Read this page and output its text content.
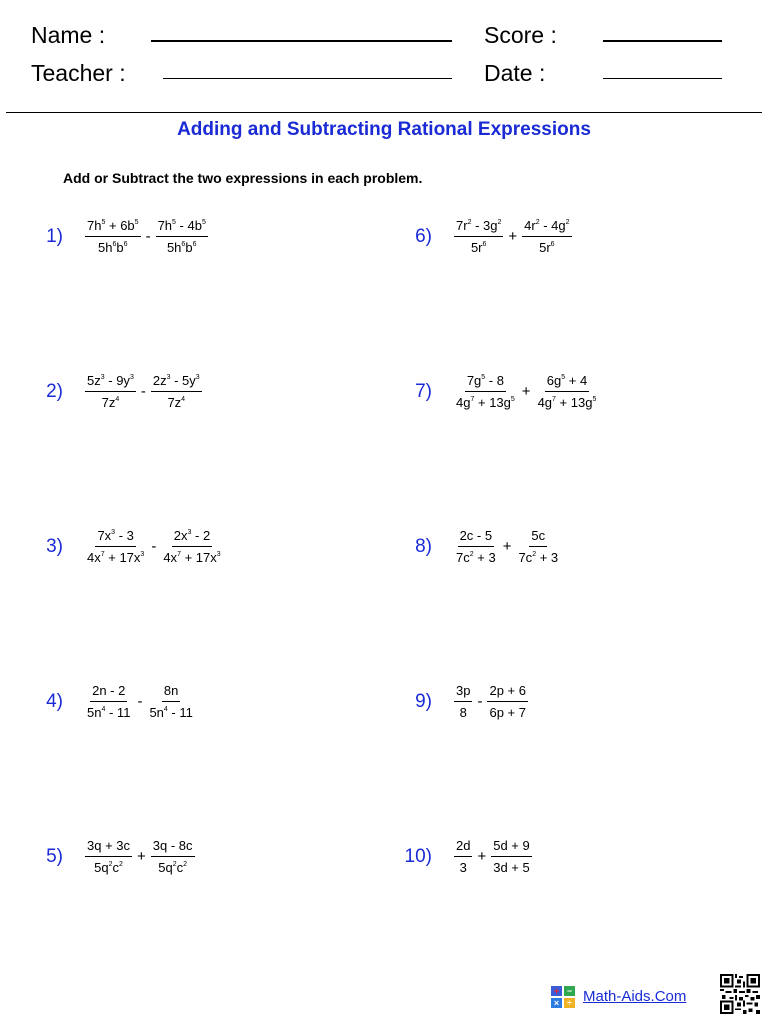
Name :
Teacher :
Score :
Date :
Adding and Subtracting Rational Expressions
Add or Subtract the two expressions in each problem.
$1) \frac{7h^5 + 6b^5}{5h^6b^6} - \frac{7h^5 - 4b^5}{5h^6b^6}$
$2) \frac{5z^3 - 9y^3}{7z^4} - \frac{2z^3 - 5y^3}{7z^4}$
$3) \frac{7x^3 - 3}{4x^7 + 17x^3} - \frac{2x^3 - 2}{4x^7 + 17x^3}$
$4) \frac{2n - 2}{5n^4 - 11} - \frac{8n}{5n^4 - 11}$
$5) \frac{3q + 3c}{5q^2c^2} + \frac{3q - 8c}{5q^2c^2}$
$6) \frac{7r^2 - 3g^2}{5r^6} + \frac{4r^2 - 4g^2}{5r^6}$
$7) \frac{7g^5 - 8}{4g^7 + 13g^5} + \frac{6g^5 + 4}{4g^7 + 13g^5}$
$8) \frac{2c - 5}{7c^2 + 3} + \frac{5c}{7c^2 + 3}$
$9) \frac{3p}{8} - \frac{2p + 6}{6p + 7}$
$10) \frac{2d}{3} + \frac{5d + 9}{3d + 5}$
+ −
× ÷ Math-Aids.Com
